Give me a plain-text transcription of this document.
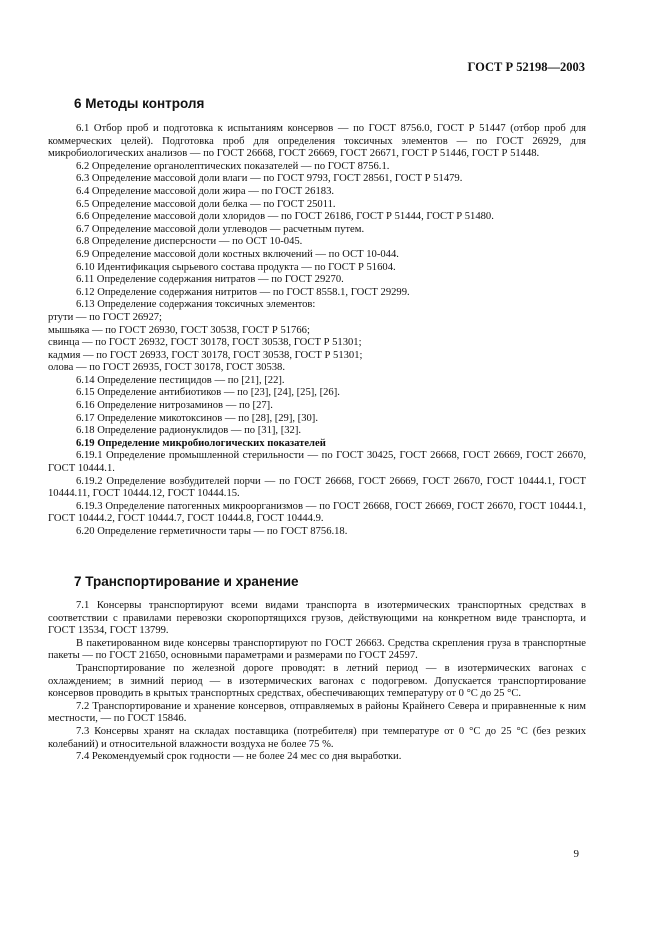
ГОСТ Р 52198—2003
6 Методы контроля

6.1 Отбор проб и подготовка к испытаниям консервов — по ГОСТ 8756.0, ГОСТ Р 51447 (отбор проб для коммерческих целей). Подготовка проб для определения токсичных элементов — по ГОСТ 26929, для микробиологических анализов — по ГОСТ 26668, ГОСТ 26669, ГОСТ 26671, ГОСТ Р 51446, ГОСТ Р 51448.

6.2 Определение органолептических показателей — по ГОСТ 8756.1.

6.3 Определение массовой доли влаги — по ГОСТ 9793, ГОСТ 28561, ГОСТ Р 51479.

6.4 Определение массовой доли жира — по ГОСТ 26183.

6.5 Определение массовой доли белка — по ГОСТ 25011.

6.6 Определение массовой доли хлоридов — по ГОСТ 26186, ГОСТ Р 51444, ГОСТ Р 51480.

6.7 Определение массовой доли углеводов — расчетным путем.

6.8 Определение дисперсности — по ОСТ 10-045.

6.9 Определение массовой доли костных включений — по ОСТ 10-044.

6.10 Идентификация сырьевого состава продукта — по ГОСТ Р 51604.

6.11 Определение содержания нитратов — по ГОСТ 29270.

6.12 Определение содержания нитритов — по ГОСТ 8558.1, ГОСТ 29299.

6.13 Определение содержания токсичных элементов:

ртути — по ГОСТ 26927;

мышьяка — по ГОСТ 26930, ГОСТ 30538, ГОСТ Р 51766;

свинца — по ГОСТ 26932, ГОСТ 30178, ГОСТ 30538, ГОСТ Р 51301;

кадмия — по ГОСТ 26933, ГОСТ 30178, ГОСТ 30538, ГОСТ Р 51301;

олова — по ГОСТ 26935, ГОСТ 30178, ГОСТ 30538.

6.14 Определение пестицидов — по [21], [22].

6.15 Определение антибиотиков — по [23], [24], [25], [26].

6.16 Определение нитрозаминов — по [27].

6.17 Определение микотоксинов — по [28], [29], [30].

6.18 Определение радионуклидов — по [31], [32].

6.19 Определение микробиологических показателей

6.19.1 Определение промышленной стерильности — по ГОСТ 30425, ГОСТ 26668, ГОСТ 26669, ГОСТ 26670, ГОСТ 10444.1.

6.19.2 Определение возбудителей порчи — по ГОСТ 26668, ГОСТ 26669, ГОСТ 26670, ГОСТ 10444.1, ГОСТ 10444.11, ГОСТ 10444.12, ГОСТ 10444.15.

6.19.3 Определение патогенных микроорганизмов — по ГОСТ 26668, ГОСТ 26669, ГОСТ 26670, ГОСТ 10444.1, ГОСТ 10444.2, ГОСТ 10444.7, ГОСТ 10444.8, ГОСТ 10444.9.

6.20 Определение герметичности тары — по ГОСТ 8756.18.

7 Транспортирование и хранение

7.1 Консервы транспортируют всеми видами транспорта в изотермических транспортных средствах в соответствии с правилами перевозки скоропортящихся грузов, действующими на конкретном виде транспорта, и ГОСТ 13534, ГОСТ 13799.

В пакетированном виде консервы транспортируют по ГОСТ 26663. Средства скрепления груза в транспортные пакеты — по ГОСТ 21650, основными параметрами и размерами по ГОСТ 24597.

Транспортирование по железной дороге проводят: в летний период — в изотермических вагонах с охлаждением; в зимний период — в изотермических вагонах с подогревом. Допускается транспортирование консервов проводить в крытых транспортных средствах, обеспечивающих температуру от 0 °С до 25 °С.

7.2 Транспортирование и хранение консервов, отправляемых в районы Крайнего Севера и приравненные к ним местности, — по ГОСТ 15846.

7.3 Консервы хранят на складах поставщика (потребителя) при температуре от 0 °С до 25 °С (без резких колебаний) и относительной влажности воздуха не более 75 %.

7.4 Рекомендуемый срок годности — не более 24 мес со дня выработки.

9
